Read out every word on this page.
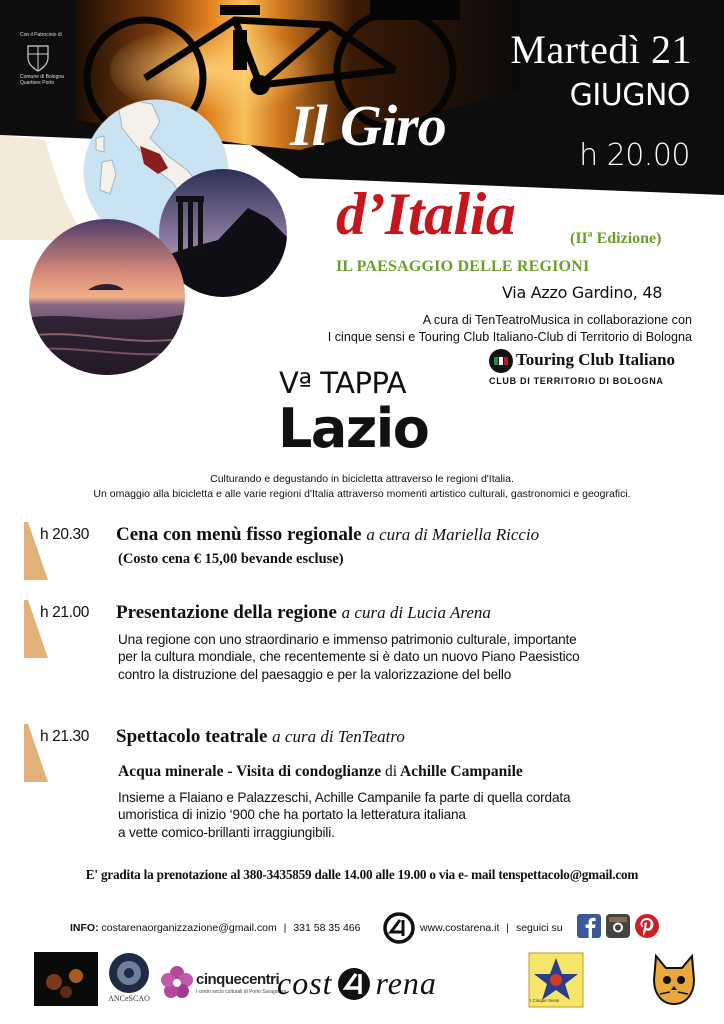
Con il Patrocinio di
Comune di Bologna
Quartiere Porto
Martedì 21
GIUGNO
h 20.00
Il Giro
d’Italia	(IIª Edizione)
IL PAESAGGIO DELLE REGIONI
Via Azzo Gardino, 48
A cura di TenTeatroMusica in collaborazione con
I cinque sensi e Touring Club Italiano-Club di Territorio di Bologna
Touring Club Italiano
CLUB DI TERRITORIO DI BOLOGNA
Vª TAPPA
Lazio
Culturando e degustando in bicicletta attraverso le regioni d'Italia.
Un omaggio alla bicicletta e alle varie regioni d'Italia attraverso momenti artistico culturali, gastronomici e geografici.
h 20.30 Cena con menù fisso regionale a cura di Mariella Riccio
(Costo cena € 15,00 bevande escluse)
h 21.00 Presentazione della regione a cura di Lucia Arena
Una regione con uno straordinario e immenso patrimonio culturale, importante
per la cultura mondiale, che recentemente si è dato un nuovo Piano Paesistico
contro la distruzione del paesaggio e per la valorizzazione del bello
h 21.30 Spettacolo teatrale a cura di TenTeatro
Acqua minerale - Visita di condoglianze di Achille Campanile
Insieme a Flaiano e Palazzeschi, Achille Campanile fa parte di quella cordata
umoristica di inizio ‘900 che ha portato la letteratura italiana
a vette comico-brillanti irraggiungibili.
E' gradita la prenotazione al 380-3435859 dalle 14.00 alle 19.00 o via e- mail tenspettacolo@gmail.com
INFO: costarenaorganizzazione@gmail.com | 331 58 35 466	www.costarena.it | seguici su
ANCeSCAO
cinquecentri
i centri socio culturali di Porto Saragozza
cost rena	I Cinque Sensi
